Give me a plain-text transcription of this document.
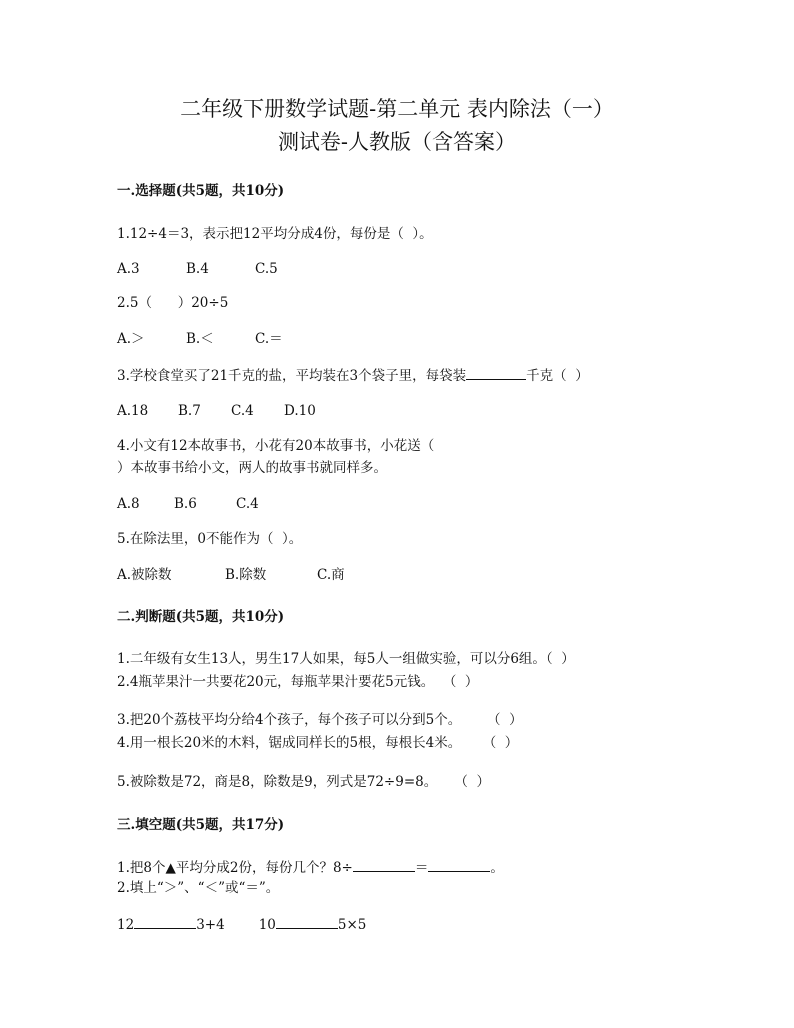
二年级下册数学试题-第二单元 表内除法（一）
测试卷-人教版（含答案）
一.选择题(共5题，共10分)
1.12÷4＝3，表示把12平均分成4份，每份是（  ）。
A.3	B.4	C.5
2.5（      ）20÷5
A.＞	B.＜	C.＝
3.学校食堂买了21千克的盐，平均装在3个袋子里，每袋装	千克（  ）
A.18 B.7 C.4 D.10
4.小文有12本故事书，小花有20本故事书，小花送（
）本故事书给小文，两人的故事书就同样多。
A.8	B.6	C.4
5.在除法里，0不能作为（  ）。
A.被除数	B.除数	C.商
二.判断题(共5题，共10分)
1.二年级有女生13人，男生17人如果，每5人一组做实验，可以分6组。（  ）
2.4瓶苹果汁一共要花20元，每瓶苹果汁要花5元钱。  （  ）
3.把20个荔枝平均分给4个孩子，每个孩子可以分到5个。      （  ）
4.用一根长20米的木料，锯成同样长的5根，每根长4米。     （  ）
5.被除数是72，商是8，除数是9，列式是72÷9=8。    （  ）
三.填空题(共5题，共17分)
1.把8个▲平均分成2份，每份几个？8÷	＝	。
2.填上“＞”、“＜”或“＝”。
12	3+4	10	5×5
